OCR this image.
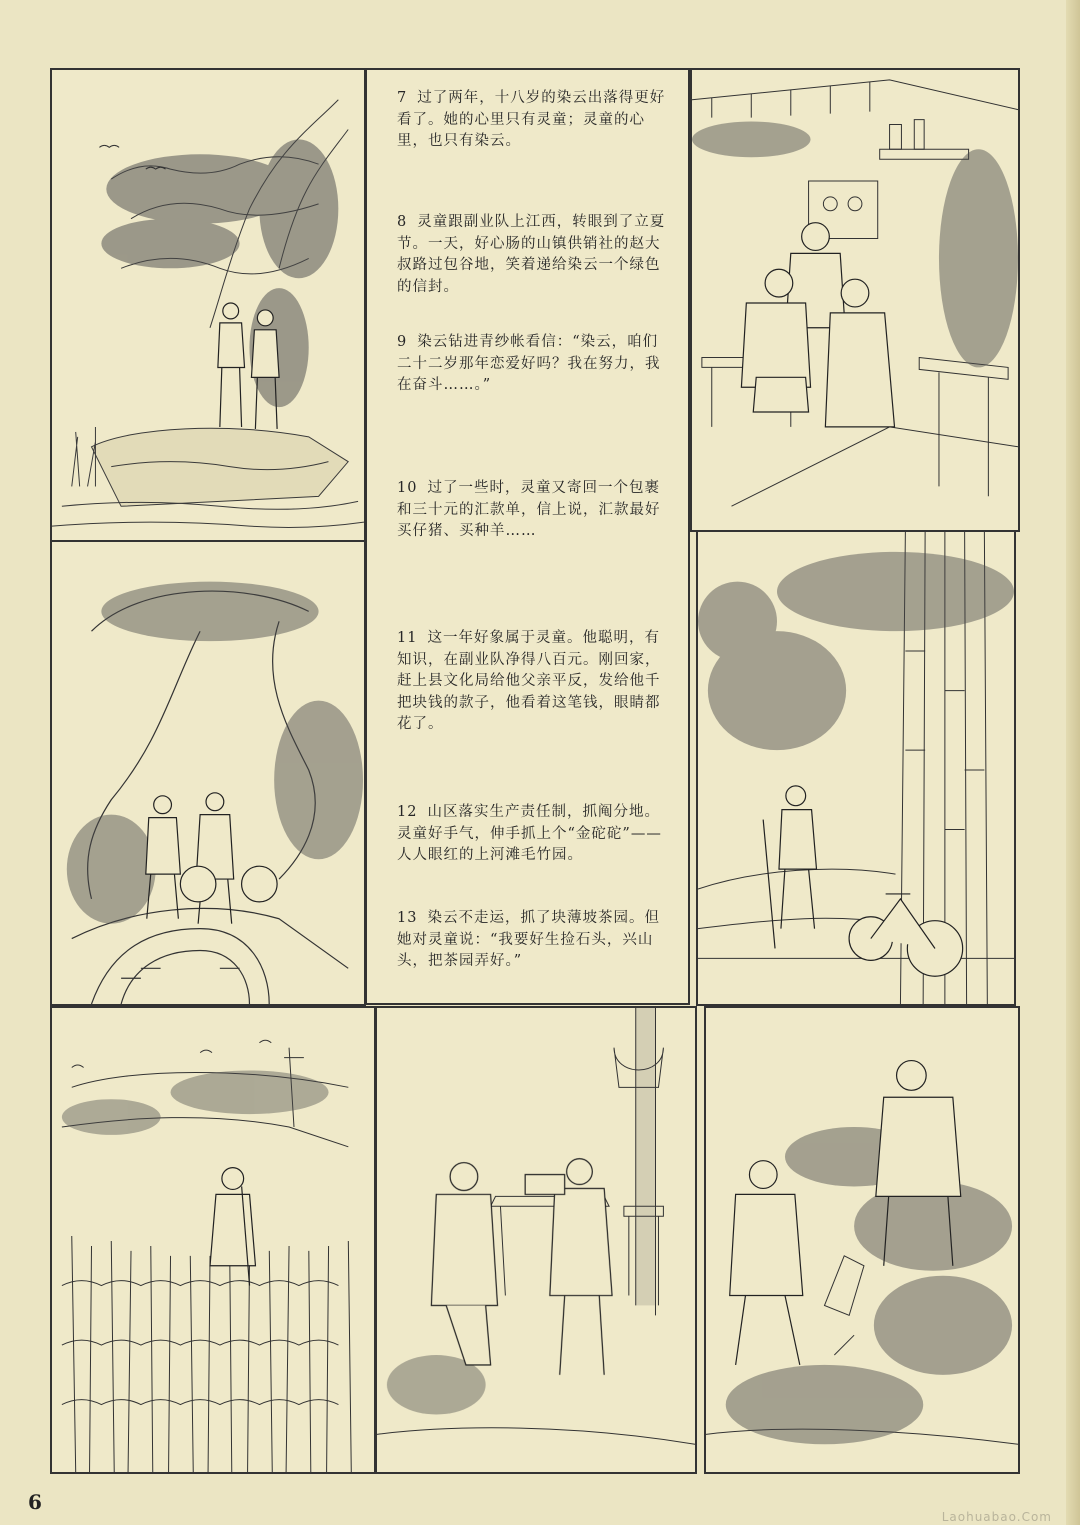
7 过了两年，十八岁的染云出落得更好看了。她的心里只有灵童；灵童的心里，也只有染云。

8 灵童跟副业队上江西，转眼到了立夏节。一天，好心肠的山镇供销社的赵大叔路过包谷地，笑着递给染云一个绿色的信封。

9 染云钻进青纱帐看信：“染云，咱们二十二岁那年恋爱好吗？我在努力，我在奋斗……。”

10 过了一些时，灵童又寄回一个包裹和三十元的汇款单，信上说，汇款最好买仔猪、买种羊……

11 这一年好象属于灵童。他聪明，有知识，在副业队净得八百元。刚回家，赶上县文化局给他父亲平反，发给他千把块钱的款子，他看着这笔钱，眼睛都花了。

12 山区落实生产责任制，抓阄分地。灵童好手气，伸手抓上个“金砣砣”——人人眼红的上河滩毛竹园。

13 染云不走运，抓了块薄坡茶园。但她对灵童说：“我要好生捡石头，兴山头，把茶园弄好。”

6
Laohuabao.Com
